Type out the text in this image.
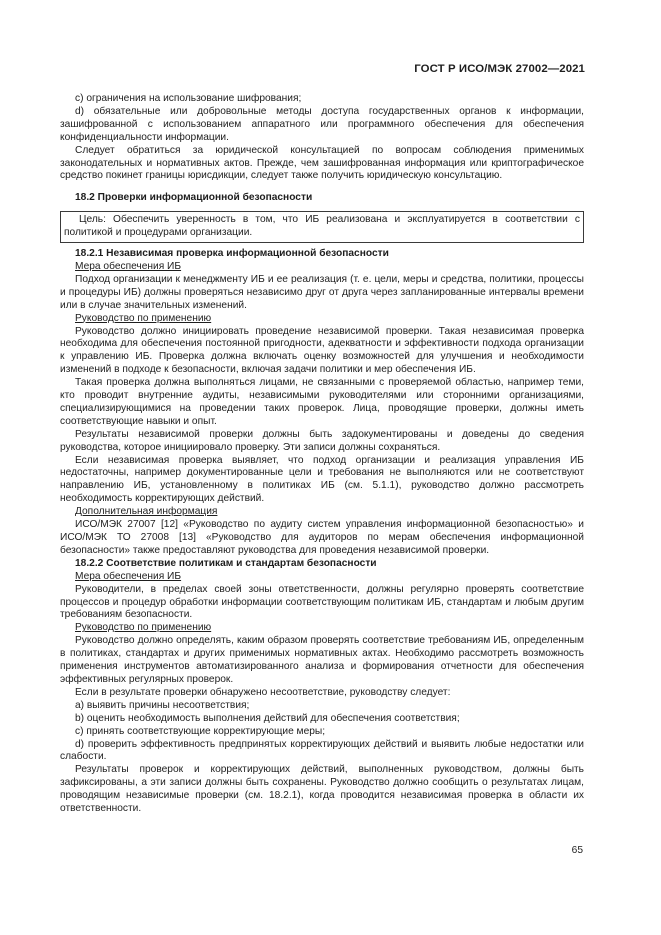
ГОСТ Р ИСО/МЭК 27002—2021

c) ограничения на использование шифрования;

d) обязательные или добровольные методы доступа государственных органов к информации, зашифрованной с использованием аппаратного или программного обеспечения для обеспечения конфиденциальности информации.

Следует обратиться за юридической консультацией по вопросам соблюдения применимых законодательных и нормативных актов. Прежде, чем зашифрованная информация или криптографическое средство покинет границы юрисдикции, следует также получить юридическую консультацию.

18.2 Проверки информационной безопасности

Цель: Обеспечить уверенность в том, что ИБ реализована и эксплуатируется в соответствии с политикой и процедурами организации.

18.2.1 Независимая проверка информационной безопасности

Мера обеспечения ИБ

Подход организации к менеджменту ИБ и ее реализация (т. е. цели, меры и средства, политики, процессы и процедуры ИБ) должны проверяться независимо друг от друга через запланированные интервалы времени или в случае значительных изменений.

Руководство по применению

Руководство должно инициировать проведение независимой проверки. Такая независимая проверка необходима для обеспечения постоянной пригодности, адекватности и эффективности подхода организации к управлению ИБ. Проверка должна включать оценку возможностей для улучшения и необходимости изменений в подходе к безопасности, включая задачи политики и мер обеспечения ИБ.

Такая проверка должна выполняться лицами, не связанными с проверяемой областью, например теми, кто проводит внутренние аудиты, независимыми руководителями или сторонними организациями, специализирующимися на проведении таких проверок. Лица, проводящие проверки, должны иметь соответствующие навыки и опыт.

Результаты независимой проверки должны быть задокументированы и доведены до сведения руководства, которое инициировало проверку. Эти записи должны сохраняться.

Если независимая проверка выявляет, что подход организации и реализация управления ИБ недостаточны, например документированные цели и требования не выполняются или не соответствуют направлению ИБ, установленному в политиках ИБ (см. 5.1.1), руководство должно рассмотреть необходимость корректирующих действий.

Дополнительная информация

ИСО/МЭК 27007 [12] «Руководство по аудиту систем управления информационной безопасностью» и ИСО/МЭК ТО 27008 [13] «Руководство для аудиторов по мерам обеспечения информационной безопасности» также предоставляют руководства для проведения независимой проверки.

18.2.2 Соответствие политикам и стандартам безопасности

Мера обеспечения ИБ

Руководители, в пределах своей зоны ответственности, должны регулярно проверять соответствие процессов и процедур обработки информации соответствующим политикам ИБ, стандартам и любым другим требованиям безопасности.

Руководство по применению

Руководство должно определять, каким образом проверять соответствие требованиям ИБ, определенным в политиках, стандартах и других применимых нормативных актах. Необходимо рассмотреть возможность применения инструментов автоматизированного анализа и формирования отчетности для обеспечения эффективных регулярных проверок.

Если в результате проверки обнаружено несоответствие, руководству следует:

a) выявить причины несоответствия;

b) оценить необходимость выполнения действий для обеспечения соответствия;

c) принять соответствующие корректирующие меры;

d) проверить эффективность предпринятых корректирующих действий и выявить любые недостатки или слабости.

Результаты проверок и корректирующих действий, выполненных руководством, должны быть зафиксированы, а эти записи должны быть сохранены. Руководство должно сообщить о результатах лицам, проводящим независимые проверки (см. 18.2.1), когда проводится независимая проверка в области их ответственности.

65
